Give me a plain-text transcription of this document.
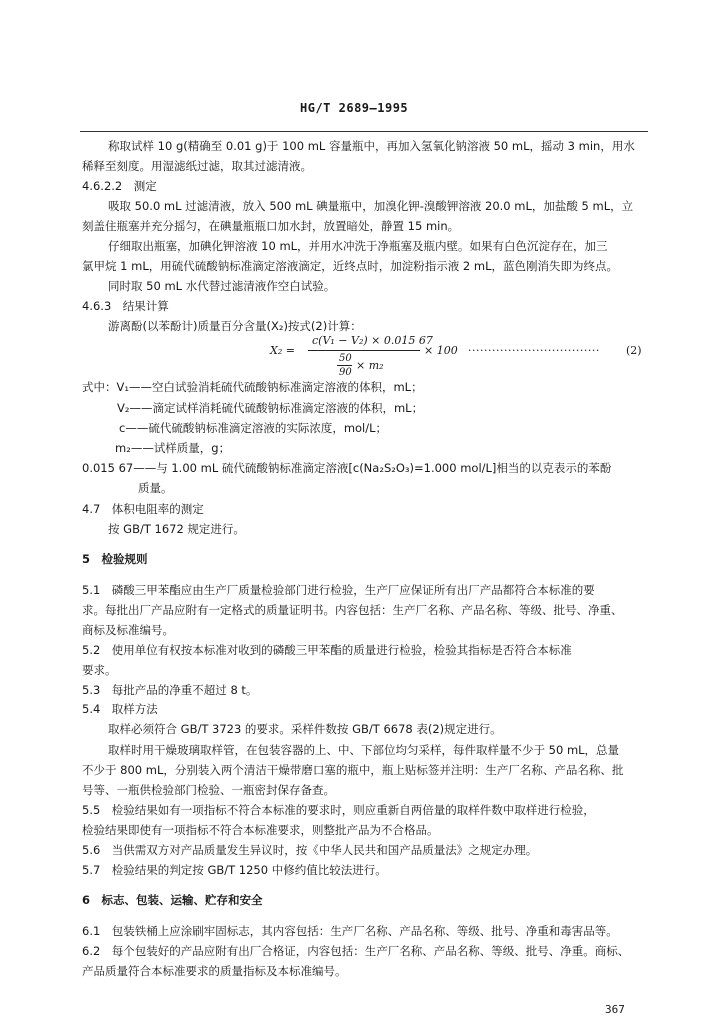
HG/T 2689—1995
称取试样 10 g(精确至 0.01 g)于 100 mL 容量瓶中，再加入氢氧化钠溶液 50 mL，摇动 3 min，用水
稀释至刻度。用湿滤纸过滤，取其过滤清液。
4.6.2.2　测定
吸取 50.0 mL 过滤清液，放入 500 mL 碘量瓶中，加溴化钾-溴酸钾溶液 20.0 mL，加盐酸 5 mL，立
刻盖住瓶塞并充分摇匀，在碘量瓶瓶口加水封，放置暗处，静置 15 min。
仔细取出瓶塞，加碘化钾溶液 10 mL，并用水冲洗于净瓶塞及瓶内壁。如果有白色沉淀存在，加三
氯甲烷 1 mL，用硫代硫酸钠标准滴定溶液滴定，近终点时，加淀粉指示液 2 mL，蓝色刚消失即为终点。
同时取 50 mL 水代替过滤清液作空白试验。
4.6.3　结果计算
游离酚(以苯酚计)质量百分含量(X₂)按式(2)计算：
X₂ =
c(V₁ − V₂) × 0.015 67
× 100
50
90
× m₂
································· (2)
式中：V₁——空白试验消耗硫代硫酸钠标准滴定溶液的体积，mL；
V₂——滴定试样消耗硫代硫酸钠标准滴定溶液的体积，mL；
c——硫代硫酸钠标准滴定溶液的实际浓度，mol/L；
m₂——试样质量，g；
0.015 67——与 1.00 mL 硫代硫酸钠标准滴定溶液[c(Na₂S₂O₃)=1.000 mol/L]相当的以克表示的苯酚
质量。
4.7　体积电阻率的测定
按 GB/T 1672 规定进行。
5　检验规则
5.1　磷酸三甲苯酯应由生产厂质量检验部门进行检验，生产厂应保证所有出厂产品都符合本标准的要
求。每批出厂产品应附有一定格式的质量证明书。内容包括：生产厂名称、产品名称、等级、批号、净重、
商标及标准编号。
5.2　使用单位有权按本标准对收到的磷酸三甲苯酯的质量进行检验，检验其指标是否符合本标准
要求。
5.3　每批产品的净重不超过 8 t。
5.4　取样方法
取样必须符合 GB/T 3723 的要求。采样件数按 GB/T 6678 表(2)规定进行。
取样时用干燥玻璃取样管，在包装容器的上、中、下部位均匀采样，每件取样量不少于 50 mL，总量
不少于 800 mL，分别装入两个清洁干燥带磨口塞的瓶中，瓶上贴标签并注明：生产厂名称、产品名称、批
号等、一瓶供检验部门检验、一瓶密封保存备查。
5.5　检验结果如有一项指标不符合本标准的要求时，则应重新自两倍量的取样件数中取样进行检验，
检验结果即使有一项指标不符合本标准要求，则整批产品为不合格品。
5.6　当供需双方对产品质量发生异议时，按《中华人民共和国产品质量法》之规定办理。
5.7　检验结果的判定按 GB/T 1250 中修约值比较法进行。
6　标志、包装、运输、贮存和安全
6.1　包装铁桶上应涂刷牢固标志，其内容包括：生产厂名称、产品名称、等级、批号、净重和毒害品等。
6.2　每个包装好的产品应附有出厂合格证，内容包括：生产厂名称、产品名称、等级、批号、净重。商标、
产品质量符合本标准要求的质量指标及本标准编号。
367
